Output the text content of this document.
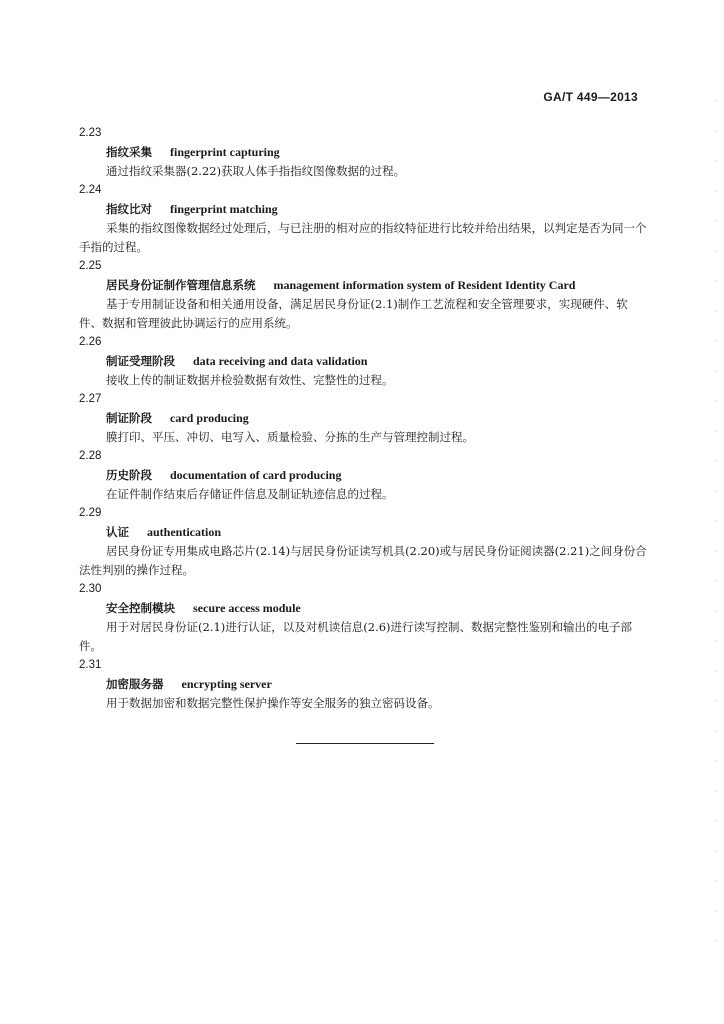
GA/T 449—2013
2.23
指纹采集 fingerprint capturing
通过指纹采集器(2.22)获取人体手指指纹图像数据的过程。
2.24
指纹比对 fingerprint matching
采集的指纹图像数据经过处理后，与已注册的相对应的指纹特征进行比较并给出结果，以判定是否为同一个手指的过程。
2.25
居民身份证制作管理信息系统 management information system of Resident Identity Card
基于专用制证设备和相关通用设备，满足居民身份证(2.1)制作工艺流程和安全管理要求，实现硬件、软件、数据和管理彼此协调运行的应用系统。
2.26
制证受理阶段 data receiving and data validation
接收上传的制证数据并检验数据有效性、完整性的过程。
2.27
制证阶段 card producing
膜打印、平压、冲切、电写入、质量检验、分拣的生产与管理控制过程。
2.28
历史阶段 documentation of card producing
在证件制作结束后存储证件信息及制证轨迹信息的过程。
2.29
认证 authentication
居民身份证专用集成电路芯片(2.14)与居民身份证读写机具(2.20)或与居民身份证阅读器(2.21)之间身份合法性判别的操作过程。
2.30
安全控制模块 secure access module
用于对居民身份证(2.1)进行认证，以及对机读信息(2.6)进行读写控制、数据完整性鉴别和输出的电子部件。
2.31
加密服务器 encrypting server
用于数据加密和数据完整性保护操作等安全服务的独立密码设备。
